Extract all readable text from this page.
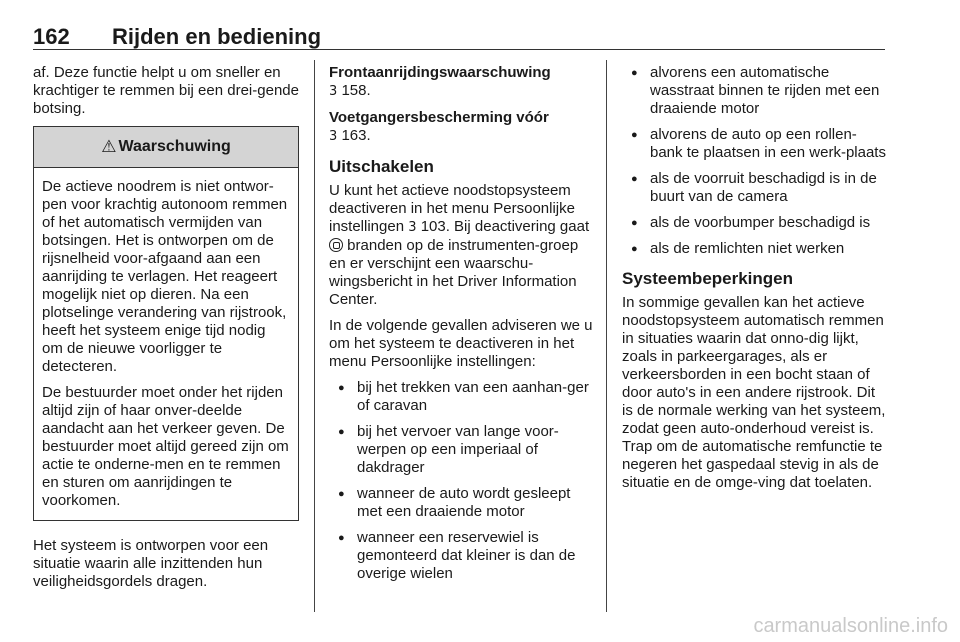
162 Rijden en bediening

af. Deze functie helpt u om sneller en krachtiger te remmen bij een drei-gende botsing.

⚠ Waarschuwing

De actieve noodrem is niet ontwor-pen voor krachtig autonoom remmen of het automatisch vermijden van botsingen. Het is ontworpen om de rijsnelheid voor-afgaand aan een aanrijding te verlagen. Het reageert mogelijk niet op dieren. Na een plotselinge verandering van rijstrook, heeft het systeem enige tijd nodig om de nieuwe voorligger te detecteren.

De bestuurder moet onder het rijden altijd zijn of haar onver-deelde aandacht aan het verkeer geven. De bestuurder moet altijd gereed zijn om actie te onderne-men en te remmen en sturen om aanrijdingen te voorkomen.

Het systeem is ontworpen voor een situatie waarin alle inzittenden hun veiligheidsgordels dragen.

Frontaanrijdingswaarschuwing
3 158.

Voetgangersbescherming vóór
3 163.

Uitschakelen

U kunt het actieve noodstopsysteem deactiveren in het menu Persoonlijke instellingen 3 103. Bij deactivering gaat  branden op de instrumenten-groep en er verschijnt een waarschu-wingsbericht in het Driver Information Center.

In de volgende gevallen adviseren we u om het systeem te deactiveren in het menu Persoonlijke instellingen:

● bij het trekken van een aanhan-ger of caravan
● bij het vervoer van lange voor-werpen op een imperiaal of dakdrager
● wanneer de auto wordt gesleept met een draaiende motor
● wanneer een reservewiel is gemonteerd dat kleiner is dan de overige wielen
● alvorens een automatische wasstraat binnen te rijden met een draaiende motor
● alvorens de auto op een rollen-bank te plaatsen in een werk-plaats
● als de voorruit beschadigd is in de buurt van de camera
● als de voorbumper beschadigd is
● als de remlichten niet werken
Systeembeperkingen

In sommige gevallen kan het actieve noodstopsysteem automatisch remmen in situaties waarin dat onno-dig lijkt, zoals in parkeergarages, als er verkeersborden in een bocht staan of door auto's in een andere rijstrook. Dit is de normale werking van het systeem, zodat geen auto-onderhoud vereist is. Trap om de automatische remfunctie te negeren het gaspedaal stevig in als de situatie en de omge-ving dat toelaten.

carmanualsonline.info
